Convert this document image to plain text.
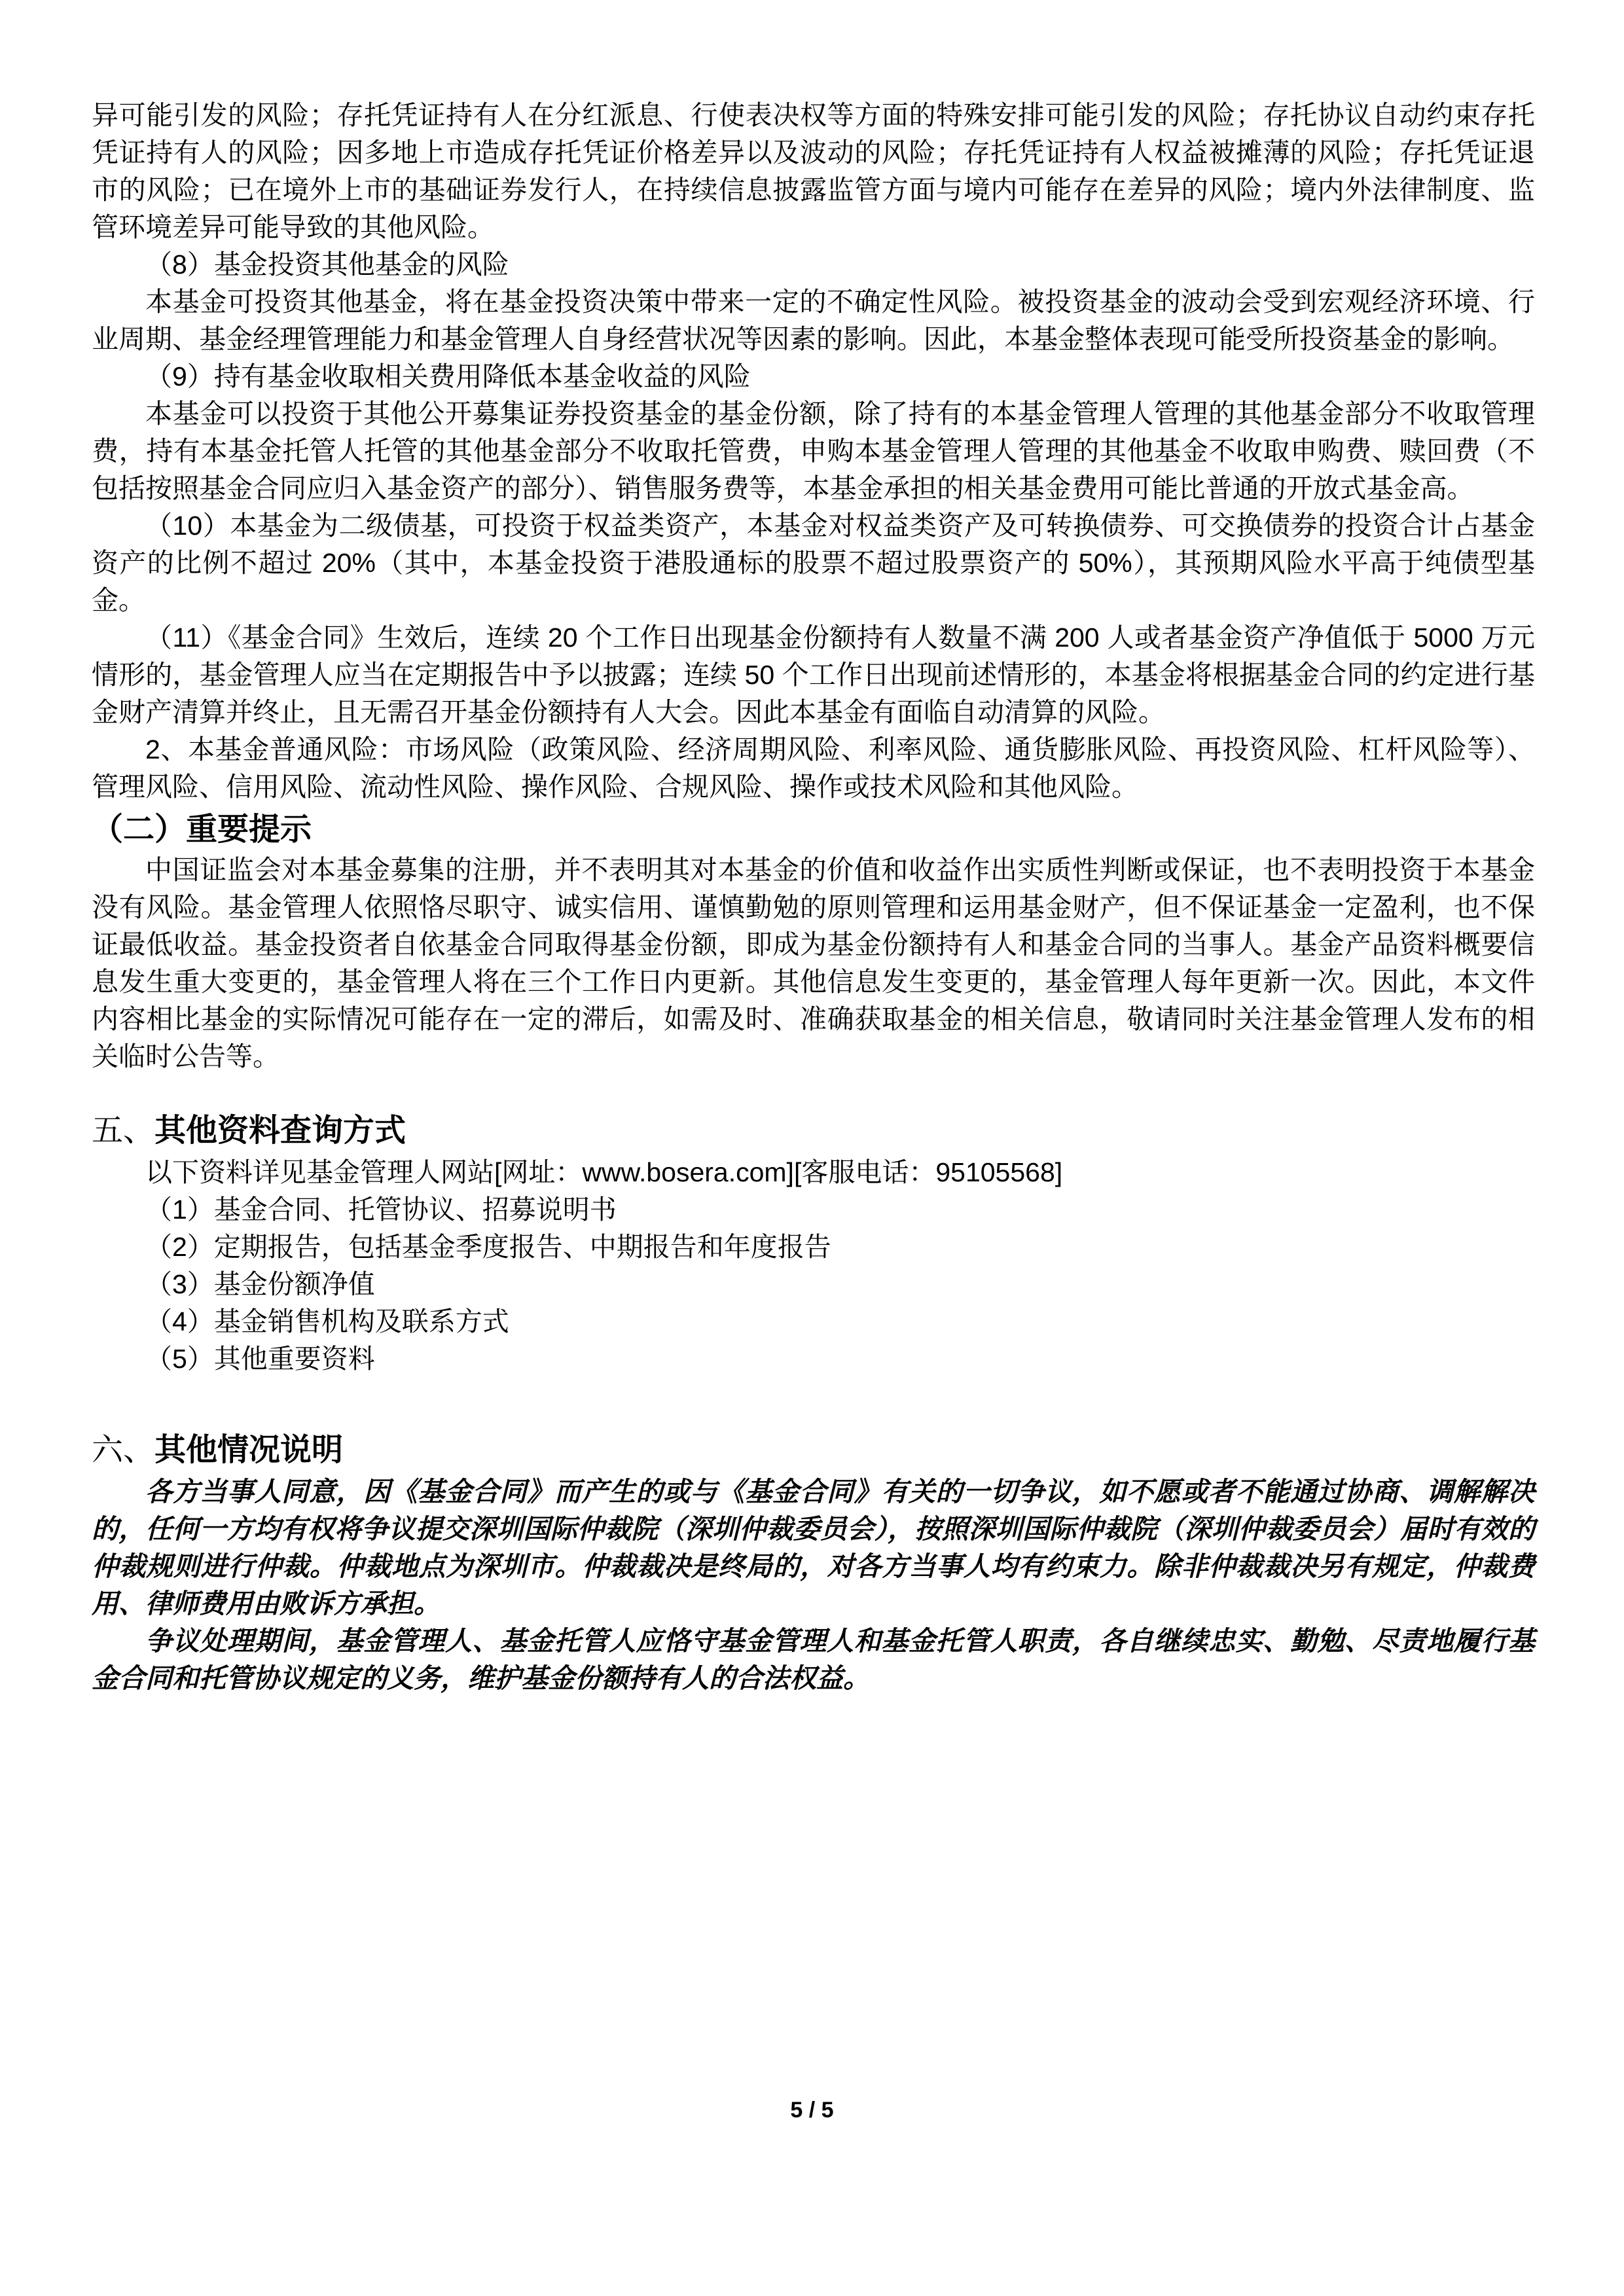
异可能引发的风险；存托凭证持有人在分红派息、行使表决权等方面的特殊安排可能引发的风险；存托协议自动约束存托凭证持有人的风险；因多地上市造成存托凭证价格差异以及波动的风险；存托凭证持有人权益被摊薄的风险；存托凭证退市的风险；已在境外上市的基础证券发行人，在持续信息披露监管方面与境内可能存在差异的风险；境内外法律制度、监管环境差异可能导致的其他风险。

（8）基金投资其他基金的风险

本基金可投资其他基金，将在基金投资决策中带来一定的不确定性风险。被投资基金的波动会受到宏观经济环境、行业周期、基金经理管理能力和基金管理人自身经营状况等因素的影响。因此，本基金整体表现可能受所投资基金的影响。

（9）持有基金收取相关费用降低本基金收益的风险

本基金可以投资于其他公开募集证券投资基金的基金份额，除了持有的本基金管理人管理的其他基金部分不收取管理费，持有本基金托管人托管的其他基金部分不收取托管费，申购本基金管理人管理的其他基金不收取申购费、赎回费（不包括按照基金合同应归入基金资产的部分）、销售服务费等，本基金承担的相关基金费用可能比普通的开放式基金高。

（10）本基金为二级债基，可投资于权益类资产，本基金对权益类资产及可转换债券、可交换债券的投资合计占基金资产的比例不超过 20%（其中，本基金投资于港股通标的股票不超过股票资产的 50%），其预期风险水平高于纯债型基金。

（11）《基金合同》生效后，连续 20 个工作日出现基金份额持有人数量不满 200 人或者基金资产净值低于 5000 万元情形的，基金管理人应当在定期报告中予以披露；连续 50 个工作日出现前述情形的，本基金将根据基金合同的约定进行基金财产清算并终止，且无需召开基金份额持有人大会。因此本基金有面临自动清算的风险。

2、本基金普通风险：市场风险（政策风险、经济周期风险、利率风险、通货膨胀风险、再投资风险、杠杆风险等）、管理风险、信用风险、流动性风险、操作风险、合规风险、操作或技术风险和其他风险。

（二）重要提示

中国证监会对本基金募集的注册，并不表明其对本基金的价值和收益作出实质性判断或保证，也不表明投资于本基金没有风险。基金管理人依照恪尽职守、诚实信用、谨慎勤勉的原则管理和运用基金财产，但不保证基金一定盈利，也不保证最低收益。基金投资者自依基金合同取得基金份额，即成为基金份额持有人和基金合同的当事人。基金产品资料概要信息发生重大变更的，基金管理人将在三个工作日内更新。其他信息发生变更的，基金管理人每年更新一次。因此，本文件内容相比基金的实际情况可能存在一定的滞后，如需及时、准确获取基金的相关信息，敬请同时关注基金管理人发布的相关临时公告等。

五、其他资料查询方式

以下资料详见基金管理人网站[网址：www.bosera.com][客服电话：95105568]

（1）基金合同、托管协议、招募说明书

（2）定期报告，包括基金季度报告、中期报告和年度报告

（3）基金份额净值

（4）基金销售机构及联系方式

（5）其他重要资料

六、其他情况说明

各方当事人同意，因《基金合同》而产生的或与《基金合同》有关的一切争议，如不愿或者不能通过协商、调解解决的，任何一方均有权将争议提交深圳国际仲裁院（深圳仲裁委员会），按照深圳国际仲裁院（深圳仲裁委员会）届时有效的仲裁规则进行仲裁。仲裁地点为深圳市。仲裁裁决是终局的，对各方当事人均有约束力。除非仲裁裁决另有规定，仲裁费用、律师费用由败诉方承担。

争议处理期间，基金管理人、基金托管人应恪守基金管理人和基金托管人职责，各自继续忠实、勤勉、尽责地履行基金合同和托管协议规定的义务，维护基金份额持有人的合法权益。

5 / 5
